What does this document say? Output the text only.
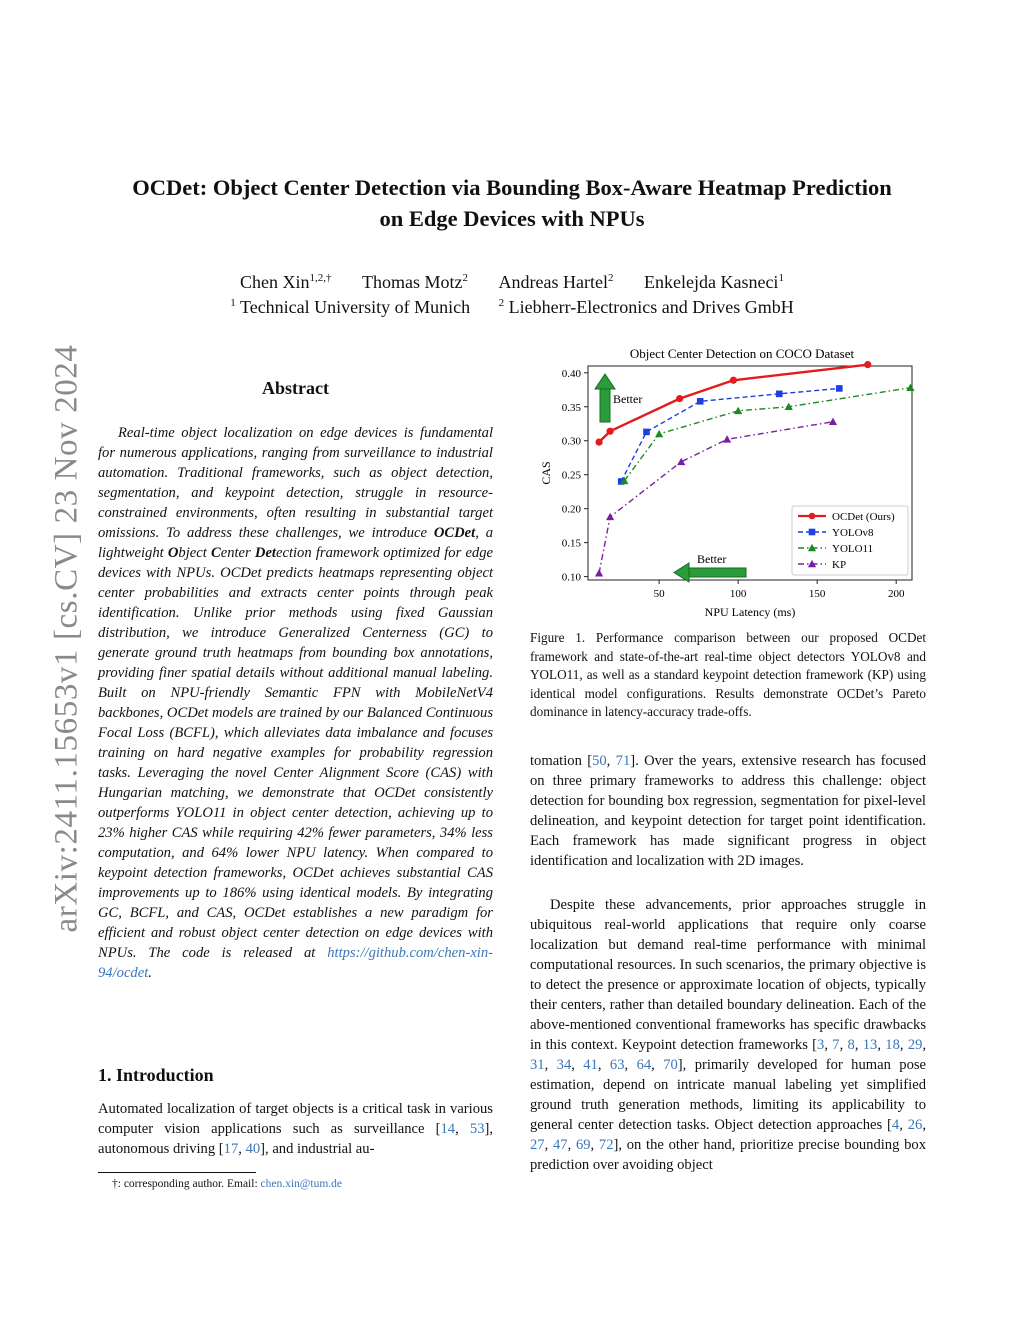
OCDet: Object Center Detection via Bounding Box-Aware Heatmap Prediction
on Edge Devices with NPUs
Chen Xin$^{1,2,\dagger}$ Thomas Motz$^2$ Andreas Hartel$^2$ Enkelejda Kasneci$^1$
$^1$ Technical University of Munich	$^2$ Liebherr-Electronics and Drives GmbH
arXiv:2411.15653v1 [cs.CV] 23 Nov 2024	Abstract
Real-time object localization on edge devices is fundamental for numerous applications, ranging from surveillance to industrial automation. Traditional frameworks, such as object detection, segmentation, and keypoint detection, struggle in resource-constrained environments, often resulting in substantial target omissions. To address these challenges, we introduce OCDet, a lightweight Object Center Detection framework optimized for edge devices with NPUs. OCDet predicts heatmaps representing object center probabilities and extracts center points through peak identification. Unlike prior methods using fixed Gaussian distribution, we introduce Generalized Centerness (GC) to generate ground truth heatmaps from bounding box annotations, providing finer spatial details without additional manual labeling. Built on NPU-friendly Semantic FPN with MobileNetV4 backbones, OCDet models are trained by our Balanced Continuous Focal Loss (BCFL), which alleviates data imbalance and focuses training on hard negative examples for probability regression tasks. Leveraging the novel Center Alignment Score (CAS) with Hungarian matching, we demonstrate that OCDet consistently outperforms YOLO11 in object center detection, achieving up to 23% higher CAS while requiring 42% fewer parameters, 34% less computation, and 64% lower NPU latency. When compared to keypoint detection frameworks, OCDet achieves substantial CAS improvements up to 186% using identical models. By integrating GC, BCFL, and CAS, OCDet establishes a new paradigm for efficient and robust object center detection on edge devices with NPUs. The code is released at https://github.com/chen-xin-94/ocdet.
1. Introduction
Automated localization of target objects is a critical task in various computer vision applications such as surveillance [14, 53], autonomous driving [17, 40], and industrial au-
†: corresponding author. Email: chen.xin@tum.de
Object Center Detection on COCO Dataset
50	100	150	200
0.10
0.15
0.20
0.25
0.30
0.35
0.40
NPU Latency (ms)
CAS
Better
Better
OCDet (Ours)
YOLOv8
YOLO11
KP
Figure 1. Performance comparison between our proposed OCDet framework and state-of-the-art real-time object detectors YOLOv8 and YOLO11, as well as a standard keypoint detection framework (KP) using identical model configurations. Results demonstrate OCDet’s Pareto dominance in latency-accuracy trade-offs.
tomation [50, 71]. Over the years, extensive research has focused on three primary frameworks to address this challenge: object detection for bounding box regression, segmentation for pixel-level delineation, and keypoint detection for target point identification. Each framework has made significant progress in object identification and localization with 2D images.
Despite these advancements, prior approaches struggle in ubiquitous real-world applications that require only coarse localization but demand real-time performance with minimal computational resources. In such scenarios, the primary objective is to detect the presence or approximate location of objects, typically their centers, rather than detailed boundary delineation. Each of the above-mentioned conventional frameworks has specific drawbacks in this context. Keypoint detection frameworks [3, 7, 8, 13, 18, 29, 31, 34, 41, 63, 64, 70], primarily developed for human pose estimation, depend on intricate manual labeling yet simplified ground truth generation methods, limiting its applicability to general center detection tasks. Object detection approaches [4, 26, 27, 47, 69, 72], on the other hand, prioritize precise bounding box prediction over avoiding object
